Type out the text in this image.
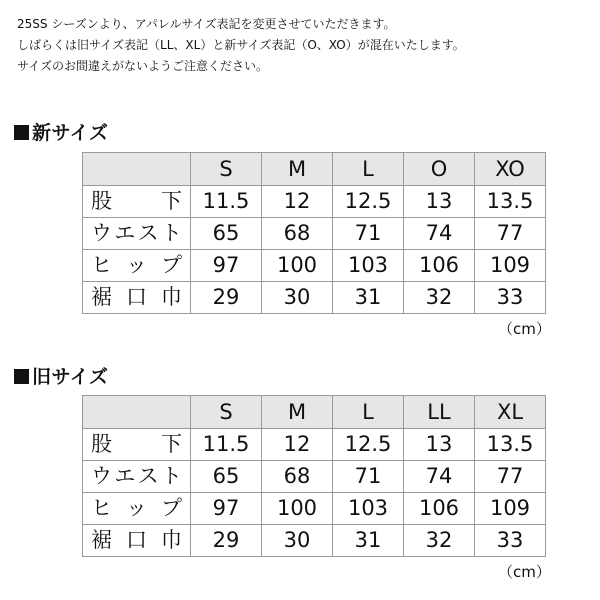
25SS シーズンより、アパレルサイズ表記を変更させていただきます。
しばらくは旧サイズ表記（LL、XL）と新サイズ表記（O、XO）が混在いたします。
サイズのお間違えがないようご注意ください。
新サイズ
	S	M	L	O	XO

股
　 下	11.5	12	12.5	13	13.5

ウ エ ス ト	65	68	71	74	77

ヒ ッ プ	97	100	103	106	109

裾 口 巾	29	30	31	32	33
（cm）
旧サイズ
	S	M	L	LL	XL

股
　 下	11.5	12	12.5	13	13.5

ウ エ ス ト	65	68	71	74	77

ヒ ッ プ	97	100	103	106	109

裾 口 巾	29	30	31	32	33
（cm）
